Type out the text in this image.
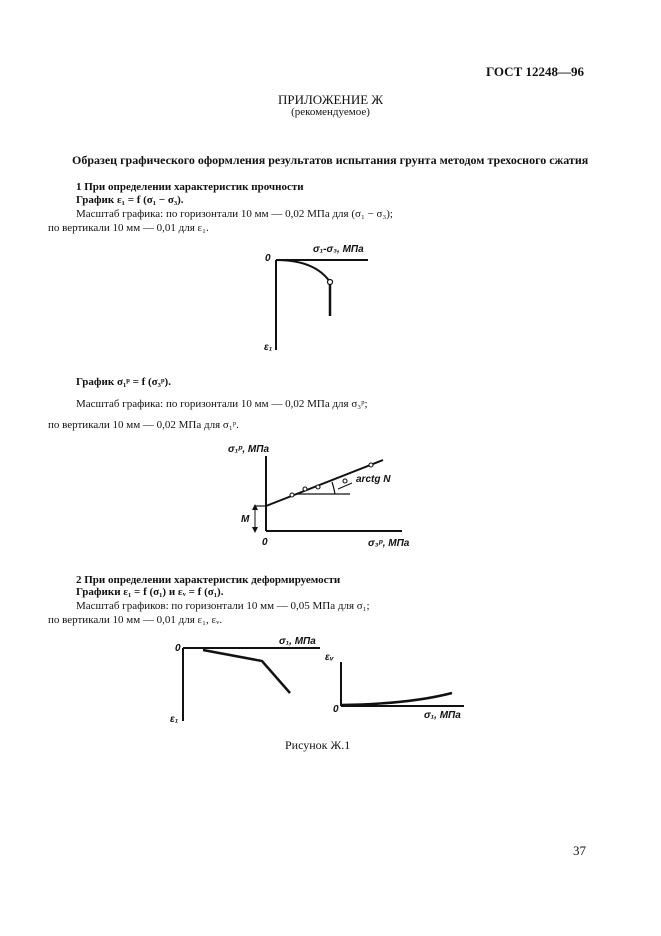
ГОСТ 12248—96
ПРИЛОЖЕНИЕ Ж
(рекомендуемое)
Образец графического оформления результатов испытания грунта методом трехосного сжатия
1 При определении характеристик прочности
График ε₁ = f (σ₁ − σ₃).
Масштаб графика: по горизонтали 10 мм — 0,02 МПа для (σ₁ − σ₃);
по вертикали 10 мм — 0,01 для ε₁.
0
σ₁-σ₃, МПа
ε₁
График σ₁ᵖ = f (σ₃ᵖ).
Масштаб графика: по горизонтали 10 мм — 0,02 МПа для σ₃ᵖ;
по вертикали 10 мм — 0,02 МПа для σ₁ᵖ.
0	σ₃ᵖ, МПа
σ₁ᵖ, МПа
arctg N
M
2 При определении характеристик деформируемости
Графики ε₁ = f (σ₁) и εᵥ = f (σ₁).
Масштаб графиков: по горизонтали 10 мм — 0,05 МПа для σ₁;
по вертикали 10 мм — 0,01 для ε₁, εᵥ.
0
σ₁, МПа
ε₁
0
σ₁, МПа
εᵥ
Рисунок Ж.1
37
